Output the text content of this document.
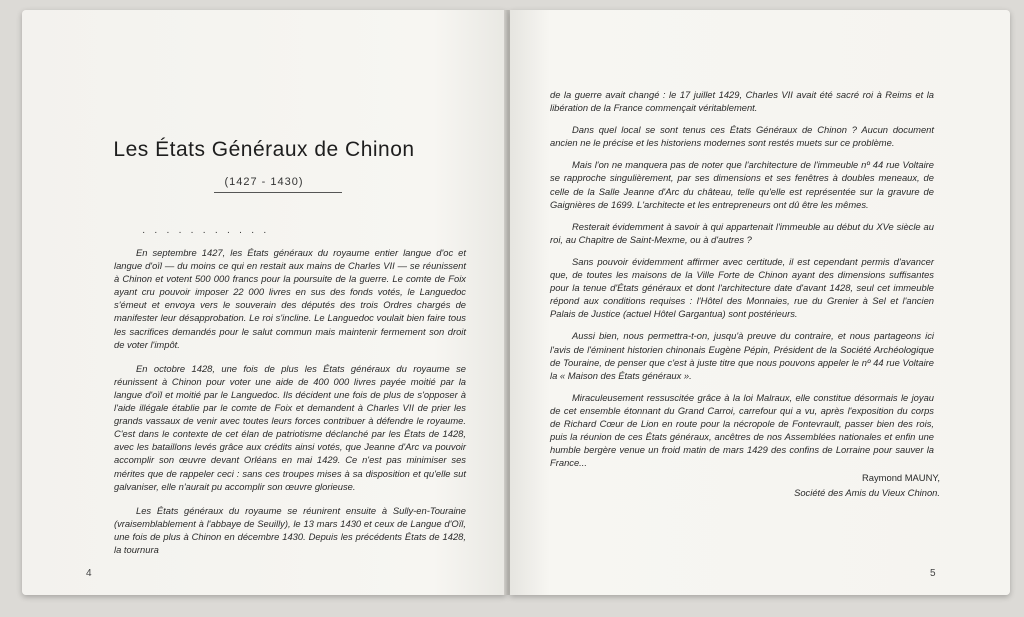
Les États Généraux de Chinon
(1427 - 1430)
· · · · · · · · · · ·

En septembre 1427, les États généraux du royaume entier langue d'oc et langue d'oïl — du moins ce qui en restait aux mains de Charles VII — se réunissent à Chinon et votent 500 000 francs pour la poursuite de la guerre. Le comte de Foix ayant cru pouvoir imposer 22 000 livres en sus des fonds votés, le Languedoc s'émeut et envoya vers le souverain des députés des trois Ordres chargés de manifester leur désapprobation. Le roi s'incline. Le Languedoc voulait bien faire tous les sacrifices demandés pour le salut commun mais maintenir fermement son droit de voter l'impôt.

En octobre 1428, une fois de plus les États généraux du royaume se réunissent à Chinon pour voter une aide de 400 000 livres payée moitié par la langue d'oïl et moitié par le Languedoc. Ils décident une fois de plus de s'opposer à l'aide illégale établie par le comte de Foix et demandent à Charles VII de prier les grands vassaux de venir avec toutes leurs forces contribuer à défendre le royaume. C'est dans le contexte de cet élan de patriotisme déclanché par les États de 1428, avec les bataillons levés grâce aux crédits ainsi votés, que Jeanne d'Arc va pouvoir accomplir son œuvre devant Orléans en mai 1429. Ce n'est pas minimiser ses mérites que de rappeler ceci : sans ces troupes mises à sa disposition et qu'elle sut galvaniser, elle n'aurait pu accomplir son œuvre glorieuse.

Les États généraux du royaume se réunirent ensuite à Sully-en-Touraine (vraisemblablement à l'abbaye de Seuilly), le 13 mars 1430 et ceux de Langue d'Oïl, une fois de plus à Chinon en décembre 1430. Depuis les précédents États de 1428, la tournura

4	5

de la guerre avait changé : le 17 juillet 1429, Charles VII avait été sacré roi à Reims et la libération de la France commençait véritablement.

Dans quel local se sont tenus ces États Généraux de Chinon ? Aucun document ancien ne le précise et les historiens modernes sont restés muets sur ce problème.

Mais l'on ne manquera pas de noter que l'architecture de l'immeuble nº 44 rue Voltaire se rapproche singulièrement, par ses dimensions et ses fenêtres à doubles meneaux, de celle de la Salle Jeanne d'Arc du château, telle qu'elle est représentée sur la gravure de Gaignières de 1699. L'architecte et les entrepreneurs ont dû être les mêmes.

Resterait évidemment à savoir à qui appartenait l'immeuble au début du XVe siècle au roi, au Chapitre de Saint-Mexme, ou à d'autres ?

Sans pouvoir évidemment affirmer avec certitude, il est cependant permis d'avancer que, de toutes les maisons de la Ville Forte de Chinon ayant des dimensions suffisantes pour la tenue d'États généraux et dont l'architecture date d'avant 1428, seul cet immeuble répond aux conditions requises : l'Hôtel des Monnaies, rue du Grenier à Sel et l'ancien Palais de Justice (actuel Hôtel Gargantua) sont postérieurs.

Aussi bien, nous permettra-t-on, jusqu'à preuve du contraire, et nous partageons ici l'avis de l'éminent historien chinonais Eugène Pépin, Président de la Société Archéologique de Touraine, de penser que c'est à juste titre que nous pouvons appeler le nº 44 rue Voltaire la « Maison des États généraux ».

Miraculeusement ressuscitée grâce à la loi Malraux, elle constitue désormais le joyau de cet ensemble étonnant du Grand Carroi, carrefour qui a vu, après l'exposition du corps de Richard Cœur de Lion en route pour la nécropole de Fontevrault, passer bien des rois, puis la réunion de ces États généraux, ancêtres de nos Assemblées nationales et enfin une humble bergère venue un froid matin de mars 1429 des confins de Lorraine pour sauver la France...

Raymond MAUNY,
Société des Amis du Vieux Chinon.
